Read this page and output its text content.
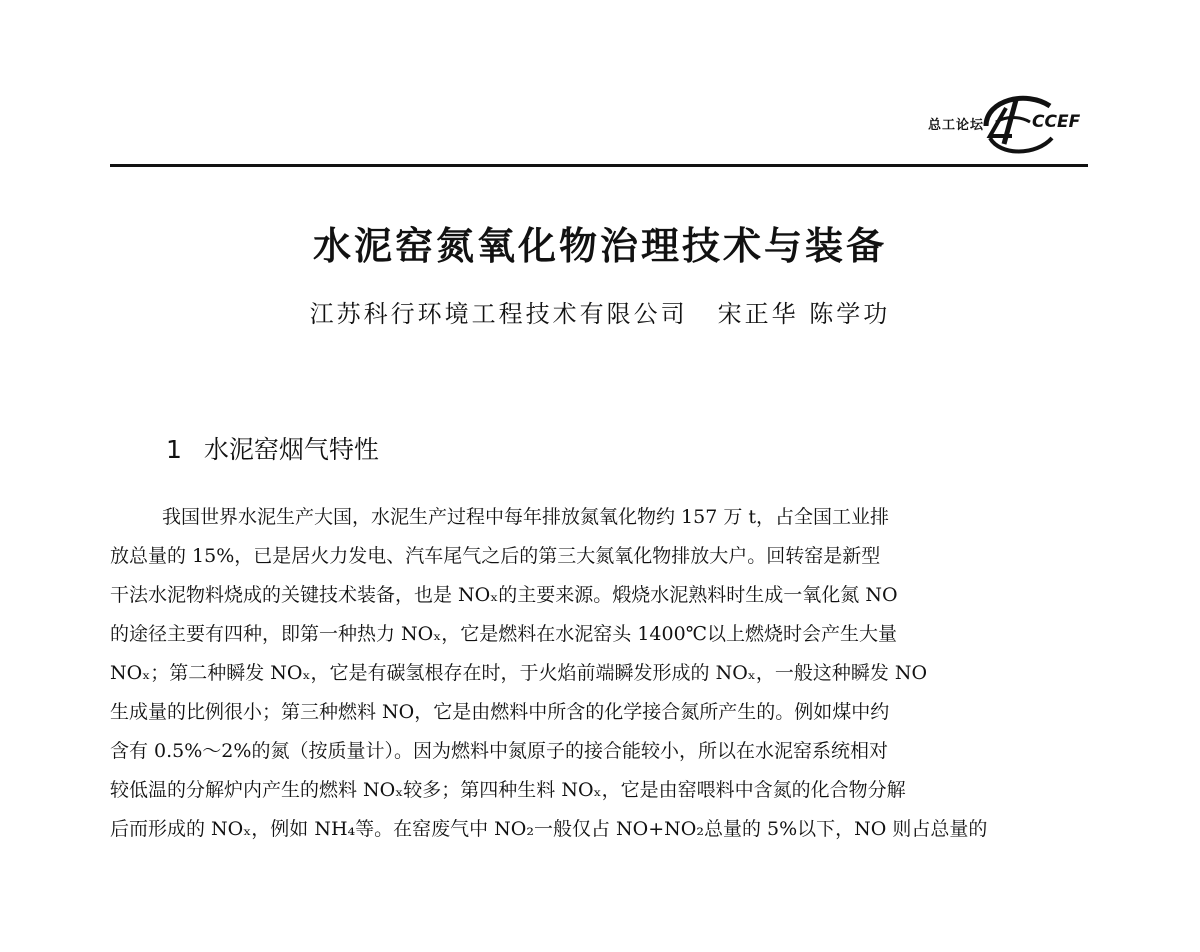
总工论坛	CCEF
水泥窑氮氧化物治理技术与装备
江苏科行环境工程技术有限公司 宋正华 陈学功
1 水泥窑烟气特性
我国世界水泥生产大国，水泥生产过程中每年排放氮氧化物约 157 万 t，占全国工业排
放总量的 15%，已是居火力发电、汽车尾气之后的第三大氮氧化物排放大户。回转窑是新型
干法水泥物料烧成的关键技术装备，也是 NOₓ的主要来源。煅烧水泥熟料时生成一氧化氮 NO
的途径主要有四种，即第一种热力 NOₓ，它是燃料在水泥窑头 1400℃以上燃烧时会产生大量
NOₓ；第二种瞬发 NOₓ，它是有碳氢根存在时，于火焰前端瞬发形成的 NOₓ，一般这种瞬发 NO
生成量的比例很小；第三种燃料 NO，它是由燃料中所含的化学接合氮所产生的。例如煤中约
含有 0.5%～2%的氮（按质量计）。因为燃料中氮原子的接合能较小，所以在水泥窑系统相对
较低温的分解炉内产生的燃料 NOₓ较多；第四种生料 NOₓ，它是由窑喂料中含氮的化合物分解
后而形成的 NOₓ，例如 NH₄等。在窑废气中 NO₂一般仅占 NO+NO₂总量的 5%以下，NO 则占总量的
